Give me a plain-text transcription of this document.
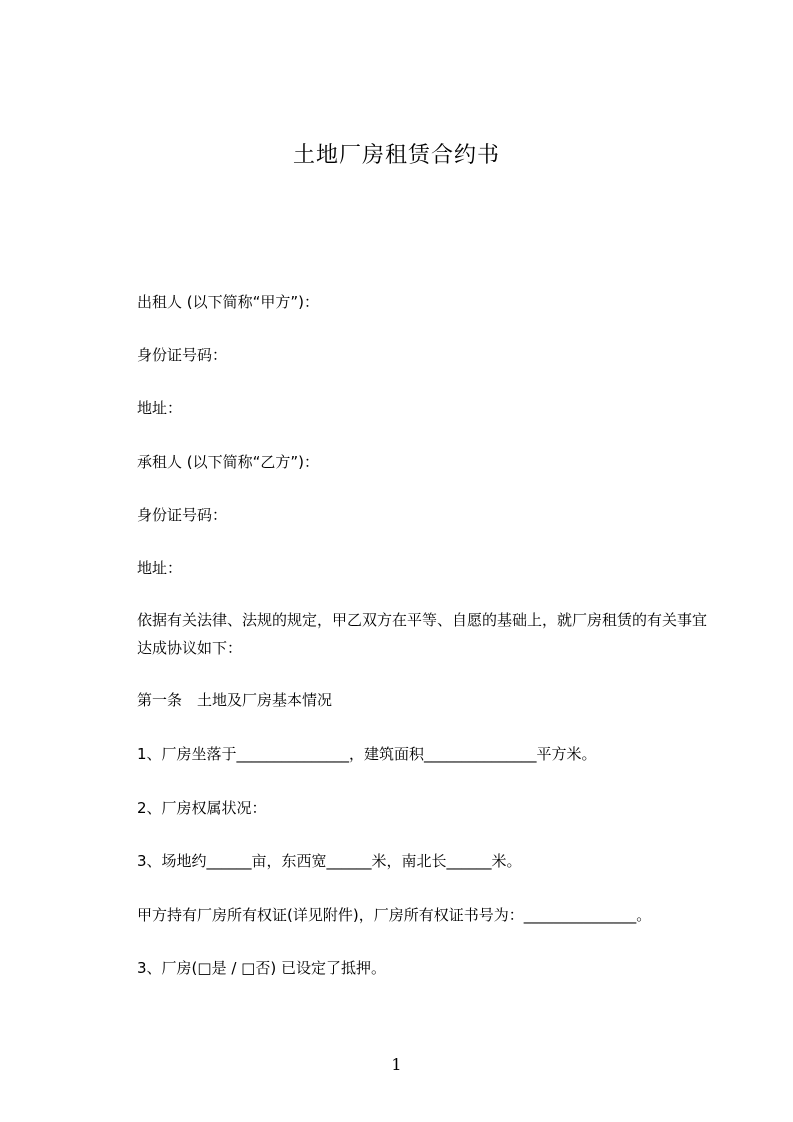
土地厂房租赁合约书
出租人 (以下简称“甲方”)：
身份证号码：
地址：
承租人 (以下简称“乙方”)：
身份证号码：
地址：
依据有关法律、法规的规定，甲乙双方在平等、自愿的基础上，就厂房租赁的有关事宜达成协议如下：
第一条　土地及厂房基本情况
1、厂房坐落于_______________，建筑面积_______________平方米。
2、厂房权属状况：
3、场地约______亩，东西宽______米，南北长______米。
甲方持有厂房所有权证(详见附件)，厂房所有权证书号为：_______________。
3、厂房(□是 / □否) 已设定了抵押。
1
